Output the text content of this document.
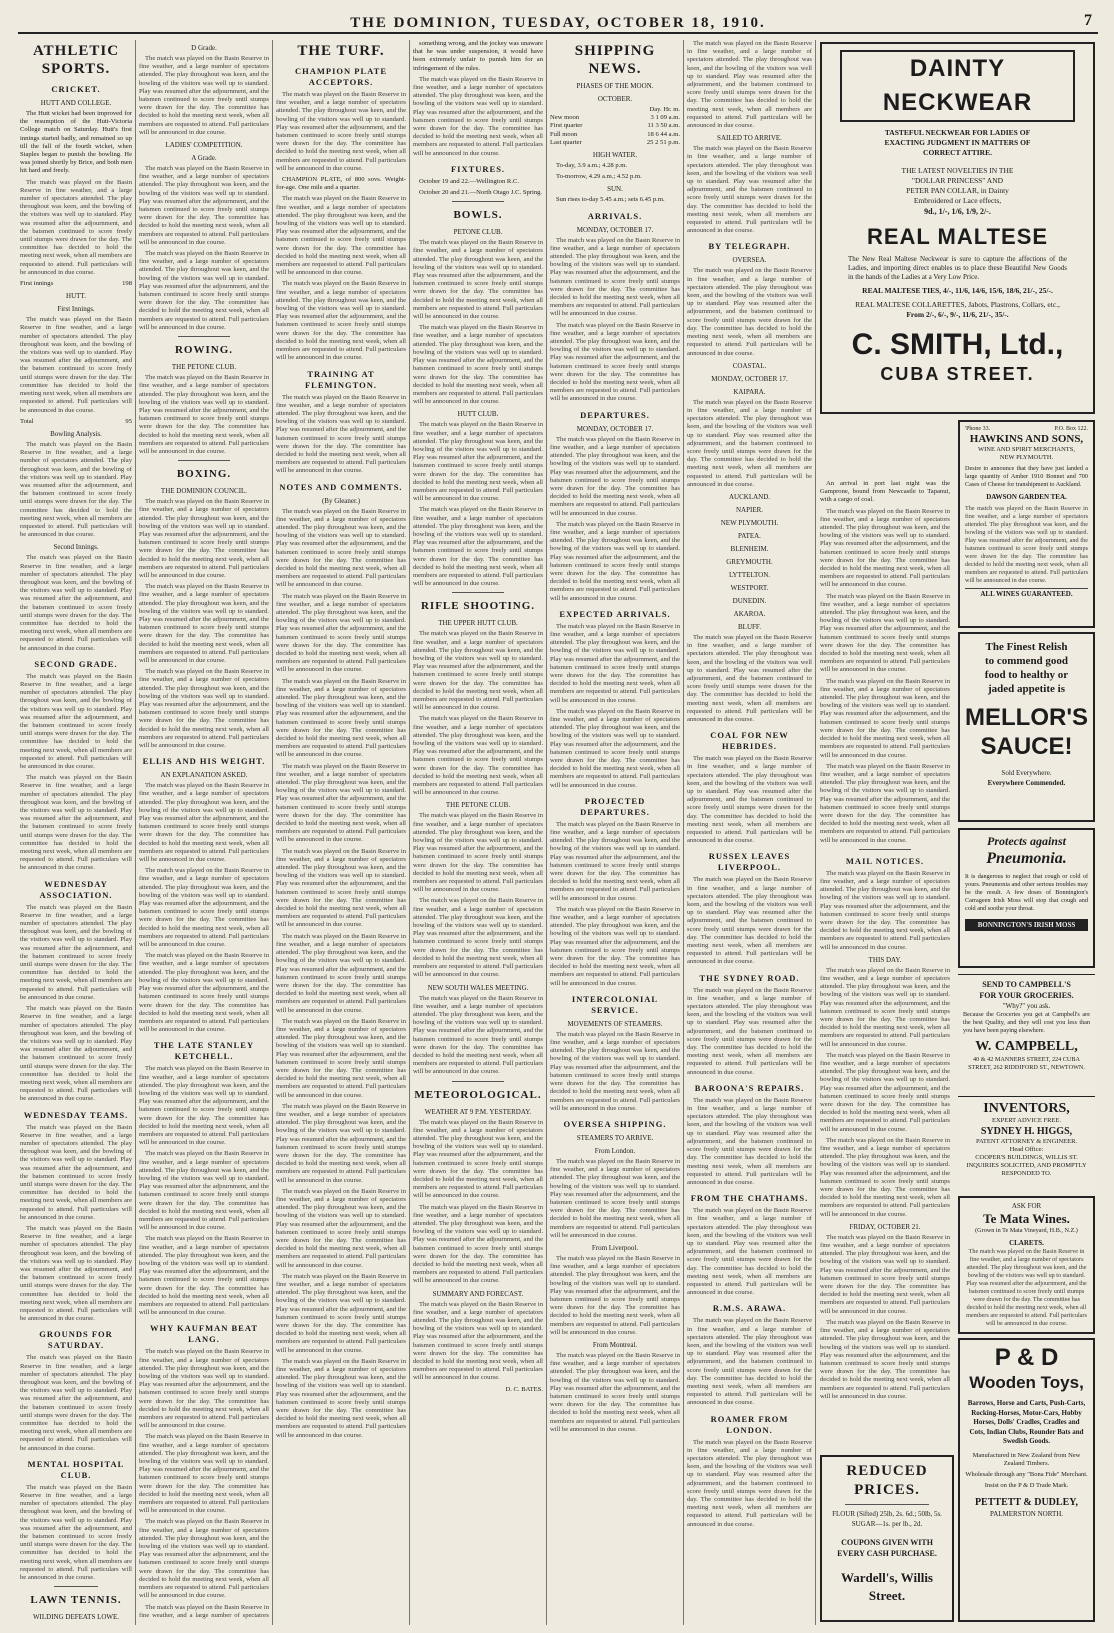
THE DOMINION, TUESDAY, OCTOBER 18, 1910.	7
ATHLETIC SPORTS.
CRICKET.
HUTT AND COLLEGE.

The Hutt wicket had been improved for the resumption of the Hutt-Victoria College match on Saturday. Hutt's first innings started badly, and remained so up till the fall of the fourth wicket, when Staples began to punish the bowling. He was joined shortly by Brice, and both men hit hard and freely.

The match was played on the Basin Reserve in fine weather, and a large number of spectators attended. The play throughout was keen, and the bowling of the visitors was well up to standard. Play was resumed after the adjournment, and the batsmen continued to score freely until stumps were drawn for the day. The committee has decided to hold the meeting next week, when all members are requested to attend. Full particulars will be announced in due course.

First innings	198
HUTT.
First Innings.

The match was played on the Basin Reserve in fine weather, and a large number of spectators attended. The play throughout was keen, and the bowling of the visitors was well up to standard. Play was resumed after the adjournment, and the batsmen continued to score freely until stumps were drawn for the day. The committee has decided to hold the meeting next week, when all members are requested to attend. Full particulars will be announced in due course.

Total	95
Bowling Analysis.

The match was played on the Basin Reserve in fine weather, and a large number of spectators attended. The play throughout was keen, and the bowling of the visitors was well up to standard. Play was resumed after the adjournment, and the batsmen continued to score freely until stumps were drawn for the day. The committee has decided to hold the meeting next week, when all members are requested to attend. Full particulars will be announced in due course.

Second Innings.

The match was played on the Basin Reserve in fine weather, and a large number of spectators attended. The play throughout was keen, and the bowling of the visitors was well up to standard. Play was resumed after the adjournment, and the batsmen continued to score freely until stumps were drawn for the day. The committee has decided to hold the meeting next week, when all members are requested to attend. Full particulars will be announced in due course.

SECOND GRADE.

The match was played on the Basin Reserve in fine weather, and a large number of spectators attended. The play throughout was keen, and the bowling of the visitors was well up to standard. Play was resumed after the adjournment, and the batsmen continued to score freely until stumps were drawn for the day. The committee has decided to hold the meeting next week, when all members are requested to attend. Full particulars will be announced in due course.

The match was played on the Basin Reserve in fine weather, and a large number of spectators attended. The play throughout was keen, and the bowling of the visitors was well up to standard. Play was resumed after the adjournment, and the batsmen continued to score freely until stumps were drawn for the day. The committee has decided to hold the meeting next week, when all members are requested to attend. Full particulars will be announced in due course.

WEDNESDAY ASSOCIATION.

The match was played on the Basin Reserve in fine weather, and a large number of spectators attended. The play throughout was keen, and the bowling of the visitors was well up to standard. Play was resumed after the adjournment, and the batsmen continued to score freely until stumps were drawn for the day. The committee has decided to hold the meeting next week, when all members are requested to attend. Full particulars will be announced in due course.

The match was played on the Basin Reserve in fine weather, and a large number of spectators attended. The play throughout was keen, and the bowling of the visitors was well up to standard. Play was resumed after the adjournment, and the batsmen continued to score freely until stumps were drawn for the day. The committee has decided to hold the meeting next week, when all members are requested to attend. Full particulars will be announced in due course.

WEDNESDAY TEAMS.

The match was played on the Basin Reserve in fine weather, and a large number of spectators attended. The play throughout was keen, and the bowling of the visitors was well up to standard. Play was resumed after the adjournment, and the batsmen continued to score freely until stumps were drawn for the day. The committee has decided to hold the meeting next week, when all members are requested to attend. Full particulars will be announced in due course.

The match was played on the Basin Reserve in fine weather, and a large number of spectators attended. The play throughout was keen, and the bowling of the visitors was well up to standard. Play was resumed after the adjournment, and the batsmen continued to score freely until stumps were drawn for the day. The committee has decided to hold the meeting next week, when all members are requested to attend. Full particulars will be announced in due course.

GROUNDS FOR SATURDAY.

The match was played on the Basin Reserve in fine weather, and a large number of spectators attended. The play throughout was keen, and the bowling of the visitors was well up to standard. Play was resumed after the adjournment, and the batsmen continued to score freely until stumps were drawn for the day. The committee has decided to hold the meeting next week, when all members are requested to attend. Full particulars will be announced in due course.

MENTAL HOSPITAL CLUB.

The match was played on the Basin Reserve in fine weather, and a large number of spectators attended. The play throughout was keen, and the bowling of the visitors was well up to standard. Play was resumed after the adjournment, and the batsmen continued to score freely until stumps were drawn for the day. The committee has decided to hold the meeting next week, when all members are requested to attend. Full particulars will be announced in due course.

LAWN TENNIS.
WILDING DEFEATS LOWE.

D Grade.

The match was played on the Basin Reserve in fine weather, and a large number of spectators attended. The play throughout was keen, and the bowling of the visitors was well up to standard. Play was resumed after the adjournment, and the batsmen continued to score freely until stumps were drawn for the day. The committee has decided to hold the meeting next week, when all members are requested to attend. Full particulars will be announced in due course.

LADIES' COMPETITION.
A Grade.

The match was played on the Basin Reserve in fine weather, and a large number of spectators attended. The play throughout was keen, and the bowling of the visitors was well up to standard. Play was resumed after the adjournment, and the batsmen continued to score freely until stumps were drawn for the day. The committee has decided to hold the meeting next week, when all members are requested to attend. Full particulars will be announced in due course.

The match was played on the Basin Reserve in fine weather, and a large number of spectators attended. The play throughout was keen, and the bowling of the visitors was well up to standard. Play was resumed after the adjournment, and the batsmen continued to score freely until stumps were drawn for the day. The committee has decided to hold the meeting next week, when all members are requested to attend. Full particulars will be announced in due course.

ROWING.
THE PETONE CLUB.

The match was played on the Basin Reserve in fine weather, and a large number of spectators attended. The play throughout was keen, and the bowling of the visitors was well up to standard. Play was resumed after the adjournment, and the batsmen continued to score freely until stumps were drawn for the day. The committee has decided to hold the meeting next week, when all members are requested to attend. Full particulars will be announced in due course.

BOXING.
THE DOMINION COUNCIL.

The match was played on the Basin Reserve in fine weather, and a large number of spectators attended. The play throughout was keen, and the bowling of the visitors was well up to standard. Play was resumed after the adjournment, and the batsmen continued to score freely until stumps were drawn for the day. The committee has decided to hold the meeting next week, when all members are requested to attend. Full particulars will be announced in due course.

The match was played on the Basin Reserve in fine weather, and a large number of spectators attended. The play throughout was keen, and the bowling of the visitors was well up to standard. Play was resumed after the adjournment, and the batsmen continued to score freely until stumps were drawn for the day. The committee has decided to hold the meeting next week, when all members are requested to attend. Full particulars will be announced in due course.

The match was played on the Basin Reserve in fine weather, and a large number of spectators attended. The play throughout was keen, and the bowling of the visitors was well up to standard. Play was resumed after the adjournment, and the batsmen continued to score freely until stumps were drawn for the day. The committee has decided to hold the meeting next week, when all members are requested to attend. Full particulars will be announced in due course.

ELLIS AND HIS WEIGHT.
AN EXPLANATION ASKED.

The match was played on the Basin Reserve in fine weather, and a large number of spectators attended. The play throughout was keen, and the bowling of the visitors was well up to standard. Play was resumed after the adjournment, and the batsmen continued to score freely until stumps were drawn for the day. The committee has decided to hold the meeting next week, when all members are requested to attend. Full particulars will be announced in due course.

The match was played on the Basin Reserve in fine weather, and a large number of spectators attended. The play throughout was keen, and the bowling of the visitors was well up to standard. Play was resumed after the adjournment, and the batsmen continued to score freely until stumps were drawn for the day. The committee has decided to hold the meeting next week, when all members are requested to attend. Full particulars will be announced in due course.

The match was played on the Basin Reserve in fine weather, and a large number of spectators attended. The play throughout was keen, and the bowling of the visitors was well up to standard. Play was resumed after the adjournment, and the batsmen continued to score freely until stumps were drawn for the day. The committee has decided to hold the meeting next week, when all members are requested to attend. Full particulars will be announced in due course.

THE LATE STANLEY KETCHELL.

The match was played on the Basin Reserve in fine weather, and a large number of spectators attended. The play throughout was keen, and the bowling of the visitors was well up to standard. Play was resumed after the adjournment, and the batsmen continued to score freely until stumps were drawn for the day. The committee has decided to hold the meeting next week, when all members are requested to attend. Full particulars will be announced in due course.

The match was played on the Basin Reserve in fine weather, and a large number of spectators attended. The play throughout was keen, and the bowling of the visitors was well up to standard. Play was resumed after the adjournment, and the batsmen continued to score freely until stumps were drawn for the day. The committee has decided to hold the meeting next week, when all members are requested to attend. Full particulars will be announced in due course.

The match was played on the Basin Reserve in fine weather, and a large number of spectators attended. The play throughout was keen, and the bowling of the visitors was well up to standard. Play was resumed after the adjournment, and the batsmen continued to score freely until stumps were drawn for the day. The committee has decided to hold the meeting next week, when all members are requested to attend. Full particulars will be announced in due course.

WHY KAUFMAN BEAT LANG.

The match was played on the Basin Reserve in fine weather, and a large number of spectators attended. The play throughout was keen, and the bowling of the visitors was well up to standard. Play was resumed after the adjournment, and the batsmen continued to score freely until stumps were drawn for the day. The committee has decided to hold the meeting next week, when all members are requested to attend. Full particulars will be announced in due course.

The match was played on the Basin Reserve in fine weather, and a large number of spectators attended. The play throughout was keen, and the bowling of the visitors was well up to standard. Play was resumed after the adjournment, and the batsmen continued to score freely until stumps were drawn for the day. The committee has decided to hold the meeting next week, when all members are requested to attend. Full particulars will be announced in due course.

The match was played on the Basin Reserve in fine weather, and a large number of spectators attended. The play throughout was keen, and the bowling of the visitors was well up to standard. Play was resumed after the adjournment, and the batsmen continued to score freely until stumps were drawn for the day. The committee has decided to hold the meeting next week, when all members are requested to attend. Full particulars will be announced in due course.

The match was played on the Basin Reserve in fine weather, and a large number of spectators

THE TURF.
CHAMPION PLATE ACCEPTORS.

The match was played on the Basin Reserve in fine weather, and a large number of spectators attended. The play throughout was keen, and the bowling of the visitors was well up to standard. Play was resumed after the adjournment, and the batsmen continued to score freely until stumps were drawn for the day. The committee has decided to hold the meeting next week, when all members are requested to attend. Full particulars will be announced in due course.

CHAMPION PLATE, of 800 sovs. Weight-for-age. One mile and a quarter.

The match was played on the Basin Reserve in fine weather, and a large number of spectators attended. The play throughout was keen, and the bowling of the visitors was well up to standard. Play was resumed after the adjournment, and the batsmen continued to score freely until stumps were drawn for the day. The committee has decided to hold the meeting next week, when all members are requested to attend. Full particulars will be announced in due course.

The match was played on the Basin Reserve in fine weather, and a large number of spectators attended. The play throughout was keen, and the bowling of the visitors was well up to standard. Play was resumed after the adjournment, and the batsmen continued to score freely until stumps were drawn for the day. The committee has decided to hold the meeting next week, when all members are requested to attend. Full particulars will be announced in due course.

TRAINING AT FLEMINGTON.

The match was played on the Basin Reserve in fine weather, and a large number of spectators attended. The play throughout was keen, and the bowling of the visitors was well up to standard. Play was resumed after the adjournment, and the batsmen continued to score freely until stumps were drawn for the day. The committee has decided to hold the meeting next week, when all members are requested to attend. Full particulars will be announced in due course.

NOTES AND COMMENTS.
(By Gleaner.)

The match was played on the Basin Reserve in fine weather, and a large number of spectators attended. The play throughout was keen, and the bowling of the visitors was well up to standard. Play was resumed after the adjournment, and the batsmen continued to score freely until stumps were drawn for the day. The committee has decided to hold the meeting next week, when all members are requested to attend. Full particulars will be announced in due course.

The match was played on the Basin Reserve in fine weather, and a large number of spectators attended. The play throughout was keen, and the bowling of the visitors was well up to standard. Play was resumed after the adjournment, and the batsmen continued to score freely until stumps were drawn for the day. The committee has decided to hold the meeting next week, when all members are requested to attend. Full particulars will be announced in due course.

The match was played on the Basin Reserve in fine weather, and a large number of spectators attended. The play throughout was keen, and the bowling of the visitors was well up to standard. Play was resumed after the adjournment, and the batsmen continued to score freely until stumps were drawn for the day. The committee has decided to hold the meeting next week, when all members are requested to attend. Full particulars will be announced in due course.

The match was played on the Basin Reserve in fine weather, and a large number of spectators attended. The play throughout was keen, and the bowling of the visitors was well up to standard. Play was resumed after the adjournment, and the batsmen continued to score freely until stumps were drawn for the day. The committee has decided to hold the meeting next week, when all members are requested to attend. Full particulars will be announced in due course.

The match was played on the Basin Reserve in fine weather, and a large number of spectators attended. The play throughout was keen, and the bowling of the visitors was well up to standard. Play was resumed after the adjournment, and the batsmen continued to score freely until stumps were drawn for the day. The committee has decided to hold the meeting next week, when all members are requested to attend. Full particulars will be announced in due course.

The match was played on the Basin Reserve in fine weather, and a large number of spectators attended. The play throughout was keen, and the bowling of the visitors was well up to standard. Play was resumed after the adjournment, and the batsmen continued to score freely until stumps were drawn for the day. The committee has decided to hold the meeting next week, when all members are requested to attend. Full particulars will be announced in due course.

The match was played on the Basin Reserve in fine weather, and a large number of spectators attended. The play throughout was keen, and the bowling of the visitors was well up to standard. Play was resumed after the adjournment, and the batsmen continued to score freely until stumps were drawn for the day. The committee has decided to hold the meeting next week, when all members are requested to attend. Full particulars will be announced in due course.

The match was played on the Basin Reserve in fine weather, and a large number of spectators attended. The play throughout was keen, and the bowling of the visitors was well up to standard. Play was resumed after the adjournment, and the batsmen continued to score freely until stumps were drawn for the day. The committee has decided to hold the meeting next week, when all members are requested to attend. Full particulars will be announced in due course.

The match was played on the Basin Reserve in fine weather, and a large number of spectators attended. The play throughout was keen, and the bowling of the visitors was well up to standard. Play was resumed after the adjournment, and the batsmen continued to score freely until stumps were drawn for the day. The committee has decided to hold the meeting next week, when all members are requested to attend. Full particulars will be announced in due course.

The match was played on the Basin Reserve in fine weather, and a large number of spectators attended. The play throughout was keen, and the bowling of the visitors was well up to standard. Play was resumed after the adjournment, and the batsmen continued to score freely until stumps were drawn for the day. The committee has decided to hold the meeting next week, when all members are requested to attend. Full particulars will be announced in due course.

The match was played on the Basin Reserve in fine weather, and a large number of spectators attended. The play throughout was keen, and the bowling of the visitors was well up to standard. Play was resumed after the adjournment, and the batsmen continued to score freely until stumps were drawn for the day. The committee has decided to hold the meeting next week, when all members are requested to attend. Full particulars will be announced in due course.

something wrong, and the jockey was unaware that he was under suspension, it would have been extremely unfair to punish him for an infringement of the rules.

The match was played on the Basin Reserve in fine weather, and a large number of spectators attended. The play throughout was keen, and the bowling of the visitors was well up to standard. Play was resumed after the adjournment, and the batsmen continued to score freely until stumps were drawn for the day. The committee has decided to hold the meeting next week, when all members are requested to attend. Full particulars will be announced in due course.

FIXTURES.

October 19 and 22.—Wellington R.C.

October 20 and 21.—North Otago J.C. Spring.

BOWLS.
PETONE CLUB.

The match was played on the Basin Reserve in fine weather, and a large number of spectators attended. The play throughout was keen, and the bowling of the visitors was well up to standard. Play was resumed after the adjournment, and the batsmen continued to score freely until stumps were drawn for the day. The committee has decided to hold the meeting next week, when all members are requested to attend. Full particulars will be announced in due course.

The match was played on the Basin Reserve in fine weather, and a large number of spectators attended. The play throughout was keen, and the bowling of the visitors was well up to standard. Play was resumed after the adjournment, and the batsmen continued to score freely until stumps were drawn for the day. The committee has decided to hold the meeting next week, when all members are requested to attend. Full particulars will be announced in due course.

HUTT CLUB.

The match was played on the Basin Reserve in fine weather, and a large number of spectators attended. The play throughout was keen, and the bowling of the visitors was well up to standard. Play was resumed after the adjournment, and the batsmen continued to score freely until stumps were drawn for the day. The committee has decided to hold the meeting next week, when all members are requested to attend. Full particulars will be announced in due course.

The match was played on the Basin Reserve in fine weather, and a large number of spectators attended. The play throughout was keen, and the bowling of the visitors was well up to standard. Play was resumed after the adjournment, and the batsmen continued to score freely until stumps were drawn for the day. The committee has decided to hold the meeting next week, when all members are requested to attend. Full particulars will be announced in due course.

RIFLE SHOOTING.
THE UPPER HUTT CLUB.

The match was played on the Basin Reserve in fine weather, and a large number of spectators attended. The play throughout was keen, and the bowling of the visitors was well up to standard. Play was resumed after the adjournment, and the batsmen continued to score freely until stumps were drawn for the day. The committee has decided to hold the meeting next week, when all members are requested to attend. Full particulars will be announced in due course.

The match was played on the Basin Reserve in fine weather, and a large number of spectators attended. The play throughout was keen, and the bowling of the visitors was well up to standard. Play was resumed after the adjournment, and the batsmen continued to score freely until stumps were drawn for the day. The committee has decided to hold the meeting next week, when all members are requested to attend. Full particulars will be announced in due course.

THE PETONE CLUB.

The match was played on the Basin Reserve in fine weather, and a large number of spectators attended. The play throughout was keen, and the bowling of the visitors was well up to standard. Play was resumed after the adjournment, and the batsmen continued to score freely until stumps were drawn for the day. The committee has decided to hold the meeting next week, when all members are requested to attend. Full particulars will be announced in due course.

The match was played on the Basin Reserve in fine weather, and a large number of spectators attended. The play throughout was keen, and the bowling of the visitors was well up to standard. Play was resumed after the adjournment, and the batsmen continued to score freely until stumps were drawn for the day. The committee has decided to hold the meeting next week, when all members are requested to attend. Full particulars will be announced in due course.

NEW SOUTH WALES MEETING.

The match was played on the Basin Reserve in fine weather, and a large number of spectators attended. The play throughout was keen, and the bowling of the visitors was well up to standard. Play was resumed after the adjournment, and the batsmen continued to score freely until stumps were drawn for the day. The committee has decided to hold the meeting next week, when all members are requested to attend. Full particulars will be announced in due course.

METEOROLOGICAL.
WEATHER AT 9 P.M. YESTERDAY.

The match was played on the Basin Reserve in fine weather, and a large number of spectators attended. The play throughout was keen, and the bowling of the visitors was well up to standard. Play was resumed after the adjournment, and the batsmen continued to score freely until stumps were drawn for the day. The committee has decided to hold the meeting next week, when all members are requested to attend. Full particulars will be announced in due course.

The match was played on the Basin Reserve in fine weather, and a large number of spectators attended. The play throughout was keen, and the bowling of the visitors was well up to standard. Play was resumed after the adjournment, and the batsmen continued to score freely until stumps were drawn for the day. The committee has decided to hold the meeting next week, when all members are requested to attend. Full particulars will be announced in due course.

SUMMARY AND FORECAST.

The match was played on the Basin Reserve in fine weather, and a large number of spectators attended. The play throughout was keen, and the bowling of the visitors was well up to standard. Play was resumed after the adjournment, and the batsmen continued to score freely until stumps were drawn for the day. The committee has decided to hold the meeting next week, when all members are requested to attend. Full particulars will be announced in due course.

D. C. BATES.

SHIPPING NEWS.
PHASES OF THE MOON.
OCTOBER.
Day. Hr. m.
New moon	3 1 09 a.m.
First quarter	11 3 50 a.m.
Full moon	18 6 44 a.m.
Last quarter	25 2 51 p.m.
HIGH WATER.

To-day, 3.9 a.m.; 4.28 p.m.

To-morrow, 4.29 a.m.; 4.52 p.m.

SUN.

Sun rises to-day 5.45 a.m.; sets 6.45 p.m.

ARRIVALS.
MONDAY, OCTOBER 17.

The match was played on the Basin Reserve in fine weather, and a large number of spectators attended. The play throughout was keen, and the bowling of the visitors was well up to standard. Play was resumed after the adjournment, and the batsmen continued to score freely until stumps were drawn for the day. The committee has decided to hold the meeting next week, when all members are requested to attend. Full particulars will be announced in due course.

The match was played on the Basin Reserve in fine weather, and a large number of spectators attended. The play throughout was keen, and the bowling of the visitors was well up to standard. Play was resumed after the adjournment, and the batsmen continued to score freely until stumps were drawn for the day. The committee has decided to hold the meeting next week, when all members are requested to attend. Full particulars will be announced in due course.

DEPARTURES.
MONDAY, OCTOBER 17.

The match was played on the Basin Reserve in fine weather, and a large number of spectators attended. The play throughout was keen, and the bowling of the visitors was well up to standard. Play was resumed after the adjournment, and the batsmen continued to score freely until stumps were drawn for the day. The committee has decided to hold the meeting next week, when all members are requested to attend. Full particulars will be announced in due course.

The match was played on the Basin Reserve in fine weather, and a large number of spectators attended. The play throughout was keen, and the bowling of the visitors was well up to standard. Play was resumed after the adjournment, and the batsmen continued to score freely until stumps were drawn for the day. The committee has decided to hold the meeting next week, when all members are requested to attend. Full particulars will be announced in due course.

EXPECTED ARRIVALS.

The match was played on the Basin Reserve in fine weather, and a large number of spectators attended. The play throughout was keen, and the bowling of the visitors was well up to standard. Play was resumed after the adjournment, and the batsmen continued to score freely until stumps were drawn for the day. The committee has decided to hold the meeting next week, when all members are requested to attend. Full particulars will be announced in due course.

The match was played on the Basin Reserve in fine weather, and a large number of spectators attended. The play throughout was keen, and the bowling of the visitors was well up to standard. Play was resumed after the adjournment, and the batsmen continued to score freely until stumps were drawn for the day. The committee has decided to hold the meeting next week, when all members are requested to attend. Full particulars will be announced in due course.

PROJECTED DEPARTURES.

The match was played on the Basin Reserve in fine weather, and a large number of spectators attended. The play throughout was keen, and the bowling of the visitors was well up to standard. Play was resumed after the adjournment, and the batsmen continued to score freely until stumps were drawn for the day. The committee has decided to hold the meeting next week, when all members are requested to attend. Full particulars will be announced in due course.

The match was played on the Basin Reserve in fine weather, and a large number of spectators attended. The play throughout was keen, and the bowling of the visitors was well up to standard. Play was resumed after the adjournment, and the batsmen continued to score freely until stumps were drawn for the day. The committee has decided to hold the meeting next week, when all members are requested to attend. Full particulars will be announced in due course.

INTERCOLONIAL SERVICE.
MOVEMENTS OF STEAMERS.

The match was played on the Basin Reserve in fine weather, and a large number of spectators attended. The play throughout was keen, and the bowling of the visitors was well up to standard. Play was resumed after the adjournment, and the batsmen continued to score freely until stumps were drawn for the day. The committee has decided to hold the meeting next week, when all members are requested to attend. Full particulars will be announced in due course.

OVERSEA SHIPPING.
STEAMERS TO ARRIVE.
From London.

The match was played on the Basin Reserve in fine weather, and a large number of spectators attended. The play throughout was keen, and the bowling of the visitors was well up to standard. Play was resumed after the adjournment, and the batsmen continued to score freely until stumps were drawn for the day. The committee has decided to hold the meeting next week, when all members are requested to attend. Full particulars will be announced in due course.

From Liverpool.

The match was played on the Basin Reserve in fine weather, and a large number of spectators attended. The play throughout was keen, and the bowling of the visitors was well up to standard. Play was resumed after the adjournment, and the batsmen continued to score freely until stumps were drawn for the day. The committee has decided to hold the meeting next week, when all members are requested to attend. Full particulars will be announced in due course.

From Montreal.

The match was played on the Basin Reserve in fine weather, and a large number of spectators attended. The play throughout was keen, and the bowling of the visitors was well up to standard. Play was resumed after the adjournment, and the batsmen continued to score freely until stumps were drawn for the day. The committee has decided to hold the meeting next week, when all members are requested to attend. Full particulars will be announced in due course.

The match was played on the Basin Reserve in fine weather, and a large number of spectators attended. The play throughout was keen, and the bowling of the visitors was well up to standard. Play was resumed after the adjournment, and the batsmen continued to score freely until stumps were drawn for the day. The committee has decided to hold the meeting next week, when all members are requested to attend. Full particulars will be announced in due course.

SAILED TO ARRIVE.

The match was played on the Basin Reserve in fine weather, and a large number of spectators attended. The play throughout was keen, and the bowling of the visitors was well up to standard. Play was resumed after the adjournment, and the batsmen continued to score freely until stumps were drawn for the day. The committee has decided to hold the meeting next week, when all members are requested to attend. Full particulars will be announced in due course.

BY TELEGRAPH.
OVERSEA.

The match was played on the Basin Reserve in fine weather, and a large number of spectators attended. The play throughout was keen, and the bowling of the visitors was well up to standard. Play was resumed after the adjournment, and the batsmen continued to score freely until stumps were drawn for the day. The committee has decided to hold the meeting next week, when all members are requested to attend. Full particulars will be announced in due course.

COASTAL.
MONDAY, OCTOBER 17.
KAIPARA.

The match was played on the Basin Reserve in fine weather, and a large number of spectators attended. The play throughout was keen, and the bowling of the visitors was well up to standard. Play was resumed after the adjournment, and the batsmen continued to score freely until stumps were drawn for the day. The committee has decided to hold the meeting next week, when all members are requested to attend. Full particulars will be announced in due course.

AUCKLAND.
NAPIER.
NEW PLYMOUTH.
PATEA.
BLENHEIM.
GREYMOUTH.
LYTTELTON.
WESTPORT.
DUNEDIN.
AKAROA.
BLUFF.

The match was played on the Basin Reserve in fine weather, and a large number of spectators attended. The play throughout was keen, and the bowling of the visitors was well up to standard. Play was resumed after the adjournment, and the batsmen continued to score freely until stumps were drawn for the day. The committee has decided to hold the meeting next week, when all members are requested to attend. Full particulars will be announced in due course.

COAL FOR NEW HEBRIDES.

The match was played on the Basin Reserve in fine weather, and a large number of spectators attended. The play throughout was keen, and the bowling of the visitors was well up to standard. Play was resumed after the adjournment, and the batsmen continued to score freely until stumps were drawn for the day. The committee has decided to hold the meeting next week, when all members are requested to attend. Full particulars will be announced in due course.

RUSSEX LEAVES LIVERPOOL.

The match was played on the Basin Reserve in fine weather, and a large number of spectators attended. The play throughout was keen, and the bowling of the visitors was well up to standard. Play was resumed after the adjournment, and the batsmen continued to score freely until stumps were drawn for the day. The committee has decided to hold the meeting next week, when all members are requested to attend. Full particulars will be announced in due course.

THE SYDNEY ROAD.

The match was played on the Basin Reserve in fine weather, and a large number of spectators attended. The play throughout was keen, and the bowling of the visitors was well up to standard. Play was resumed after the adjournment, and the batsmen continued to score freely until stumps were drawn for the day. The committee has decided to hold the meeting next week, when all members are requested to attend. Full particulars will be announced in due course.

BAROONA'S REPAIRS.

The match was played on the Basin Reserve in fine weather, and a large number of spectators attended. The play throughout was keen, and the bowling of the visitors was well up to standard. Play was resumed after the adjournment, and the batsmen continued to score freely until stumps were drawn for the day. The committee has decided to hold the meeting next week, when all members are requested to attend. Full particulars will be announced in due course.

FROM THE CHATHAMS.

The match was played on the Basin Reserve in fine weather, and a large number of spectators attended. The play throughout was keen, and the bowling of the visitors was well up to standard. Play was resumed after the adjournment, and the batsmen continued to score freely until stumps were drawn for the day. The committee has decided to hold the meeting next week, when all members are requested to attend. Full particulars will be announced in due course.

R.M.S. ARAWA.

The match was played on the Basin Reserve in fine weather, and a large number of spectators attended. The play throughout was keen, and the bowling of the visitors was well up to standard. Play was resumed after the adjournment, and the batsmen continued to score freely until stumps were drawn for the day. The committee has decided to hold the meeting next week, when all members are requested to attend. Full particulars will be announced in due course.

ROAMER FROM LONDON.

The match was played on the Basin Reserve in fine weather, and a large number of spectators attended. The play throughout was keen, and the bowling of the visitors was well up to standard. Play was resumed after the adjournment, and the batsmen continued to score freely until stumps were drawn for the day. The committee has decided to hold the meeting next week, when all members are requested to attend. Full particulars will be announced in due course.

An arrival in port last night was the Gamprone, bound from Newcastle to Tapanui, with a cargo of coal.

The match was played on the Basin Reserve in fine weather, and a large number of spectators attended. The play throughout was keen, and the bowling of the visitors was well up to standard. Play was resumed after the adjournment, and the batsmen continued to score freely until stumps were drawn for the day. The committee has decided to hold the meeting next week, when all members are requested to attend. Full particulars will be announced in due course.

The match was played on the Basin Reserve in fine weather, and a large number of spectators attended. The play throughout was keen, and the bowling of the visitors was well up to standard. Play was resumed after the adjournment, and the batsmen continued to score freely until stumps were drawn for the day. The committee has decided to hold the meeting next week, when all members are requested to attend. Full particulars will be announced in due course.

The match was played on the Basin Reserve in fine weather, and a large number of spectators attended. The play throughout was keen, and the bowling of the visitors was well up to standard. Play was resumed after the adjournment, and the batsmen continued to score freely until stumps were drawn for the day. The committee has decided to hold the meeting next week, when all members are requested to attend. Full particulars will be announced in due course.

The match was played on the Basin Reserve in fine weather, and a large number of spectators attended. The play throughout was keen, and the bowling of the visitors was well up to standard. Play was resumed after the adjournment, and the batsmen continued to score freely until stumps were drawn for the day. The committee has decided to hold the meeting next week, when all members are requested to attend. Full particulars will be announced in due course.

MAIL NOTICES.

The match was played on the Basin Reserve in fine weather, and a large number of spectators attended. The play throughout was keen, and the bowling of the visitors was well up to standard. Play was resumed after the adjournment, and the batsmen continued to score freely until stumps were drawn for the day. The committee has decided to hold the meeting next week, when all members are requested to attend. Full particulars will be announced in due course.

THIS DAY.

The match was played on the Basin Reserve in fine weather, and a large number of spectators attended. The play throughout was keen, and the bowling of the visitors was well up to standard. Play was resumed after the adjournment, and the batsmen continued to score freely until stumps were drawn for the day. The committee has decided to hold the meeting next week, when all members are requested to attend. Full particulars will be announced in due course.

The match was played on the Basin Reserve in fine weather, and a large number of spectators attended. The play throughout was keen, and the bowling of the visitors was well up to standard. Play was resumed after the adjournment, and the batsmen continued to score freely until stumps were drawn for the day. The committee has decided to hold the meeting next week, when all members are requested to attend. Full particulars will be announced in due course.

The match was played on the Basin Reserve in fine weather, and a large number of spectators attended. The play throughout was keen, and the bowling of the visitors was well up to standard. Play was resumed after the adjournment, and the batsmen continued to score freely until stumps were drawn for the day. The committee has decided to hold the meeting next week, when all members are requested to attend. Full particulars will be announced in due course.

FRIDAY, OCTOBER 21.

The match was played on the Basin Reserve in fine weather, and a large number of spectators attended. The play throughout was keen, and the bowling of the visitors was well up to standard. Play was resumed after the adjournment, and the batsmen continued to score freely until stumps were drawn for the day. The committee has decided to hold the meeting next week, when all members are requested to attend. Full particulars will be announced in due course.

The match was played on the Basin Reserve in fine weather, and a large number of spectators attended. The play throughout was keen, and the bowling of the visitors was well up to standard. Play was resumed after the adjournment, and the batsmen continued to score freely until stumps were drawn for the day. The committee has decided to hold the meeting next week, when all members are requested to attend. Full particulars will be announced in due course.

DAINTY NECKWEAR
TASTEFUL NECKWEAR FOR LADIES OF
EXACTING JUDGMENT IN MATTERS OF
CORRECT ATTIRE.
THE LATEST NOVELTIES IN THE
"DOLLAR PRINCESS" AND
PETER PAN COLLAR, in Dainty
Embroidered or Lace effects,
9d., 1/-, 1/6, 1/9, 2/-.
REAL MALTESE
The New Real Maltese Neckwear is sure to capture the affections of the Ladies, and importing direct enables us to place these Beautiful New Goods in the hands of the Ladies at a Very Low Price.
REAL MALTESE TIES, 4/-, 11/6, 14/6, 15/6, 18/6, 21/-, 25/-.
REAL MALTESE COLLARETTES, Jabots, Plastrons, Collars, etc.,
From 2/-, 6/-, 9/-, 11/6, 21/-, 35/-.
C. SMITH, Ltd.,
CUBA STREET.
'Phone 33.	P.O. Box 122.
HAWKINS AND SONS,
WINE AND SPIRIT MERCHANTS,
NEW PLYMOUTH.
Desire to announce that they have just landed a large quantity of Amber 1910 Bonnet and 700 Cases of Cheese for transhipment to Auckland.
DAWSON GARDEN TEA.
The match was played on the Basin Reserve in fine weather, and a large number of spectators attended. The play throughout was keen, and the bowling of the visitors was well up to standard. Play was resumed after the adjournment, and the batsmen continued to score freely until stumps were drawn for the day. The committee has decided to hold the meeting next week, when all members are requested to attend. Full particulars will be announced in due course.
ALL WINES GUARANTEED.
The Finest Relish
to commend good
food to healthy or
jaded appetite is
MELLOR'S
SAUCE!
Sold Everywhere.
Everywhere Commended.
Protects against
Pneumonia.
It is dangerous to neglect that cough or cold of yours. Pneumonia and other serious troubles may be the result. A few doses of Bonnington's Carrageen Irish Moss will stop that cough and cold and soothe your throat.
BONNINGTON'S IRISH MOSS
SEND TO CAMPBELL'S
FOR YOUR GROCERIES.
"Why?" you ask.
Because the Groceries you get at Campbell's are the best Quality, and they will cost you less than you have been paying elsewhere.
W. CAMPBELL,
40 & 42 MANNERS STREET, 224 CUBA STREET, 262 RIDDIFORD ST., NEWTOWN.
INVENTORS,
EXPERT ADVICE FREE.
SYDNEY H. HIGGS,
PATENT ATTORNEY & ENGINEER.
Head Office:
COOPER'S BUILDINGS, WILLIS ST.
INQUIRIES SOLICITED, AND PROMPTLY RESPONDED TO.
ASK FOR
Te Mata Wines.
(Grown in Te Mata Vineyard, H.B., N.Z.)
CLARETS.
The match was played on the Basin Reserve in fine weather, and a large number of spectators attended. The play throughout was keen, and the bowling of the visitors was well up to standard. Play was resumed after the adjournment, and the batsmen continued to score freely until stumps were drawn for the day. The committee has decided to hold the meeting next week, when all members are requested to attend. Full particulars will be announced in due course.
P & D
Wooden Toys,
Barrows, Horse and Carts, Push-Carts, Rocking-Horses, Motor-Cars, Hobby Horses, Dolls' Cradles, Cradles and Cots, Indian Clubs, Rounder Bats and Swedish Goods.
Manufactured in New Zealand from New Zealand Timbers.
Wholesale through any "Bona Fide" Merchant.
Insist on the P & D Trade Mark.
PETTETT & DUDLEY,
PALMERSTON NORTH.
REDUCED PRICES.
FLOUR (Sifted) 25lb, 2s. 6d.; 50lb, 5s.
SUGAR—1s. per lb., 2d.
COUPONS GIVEN WITH
EVERY CASH PURCHASE.
Wardell's, Willis Street.
